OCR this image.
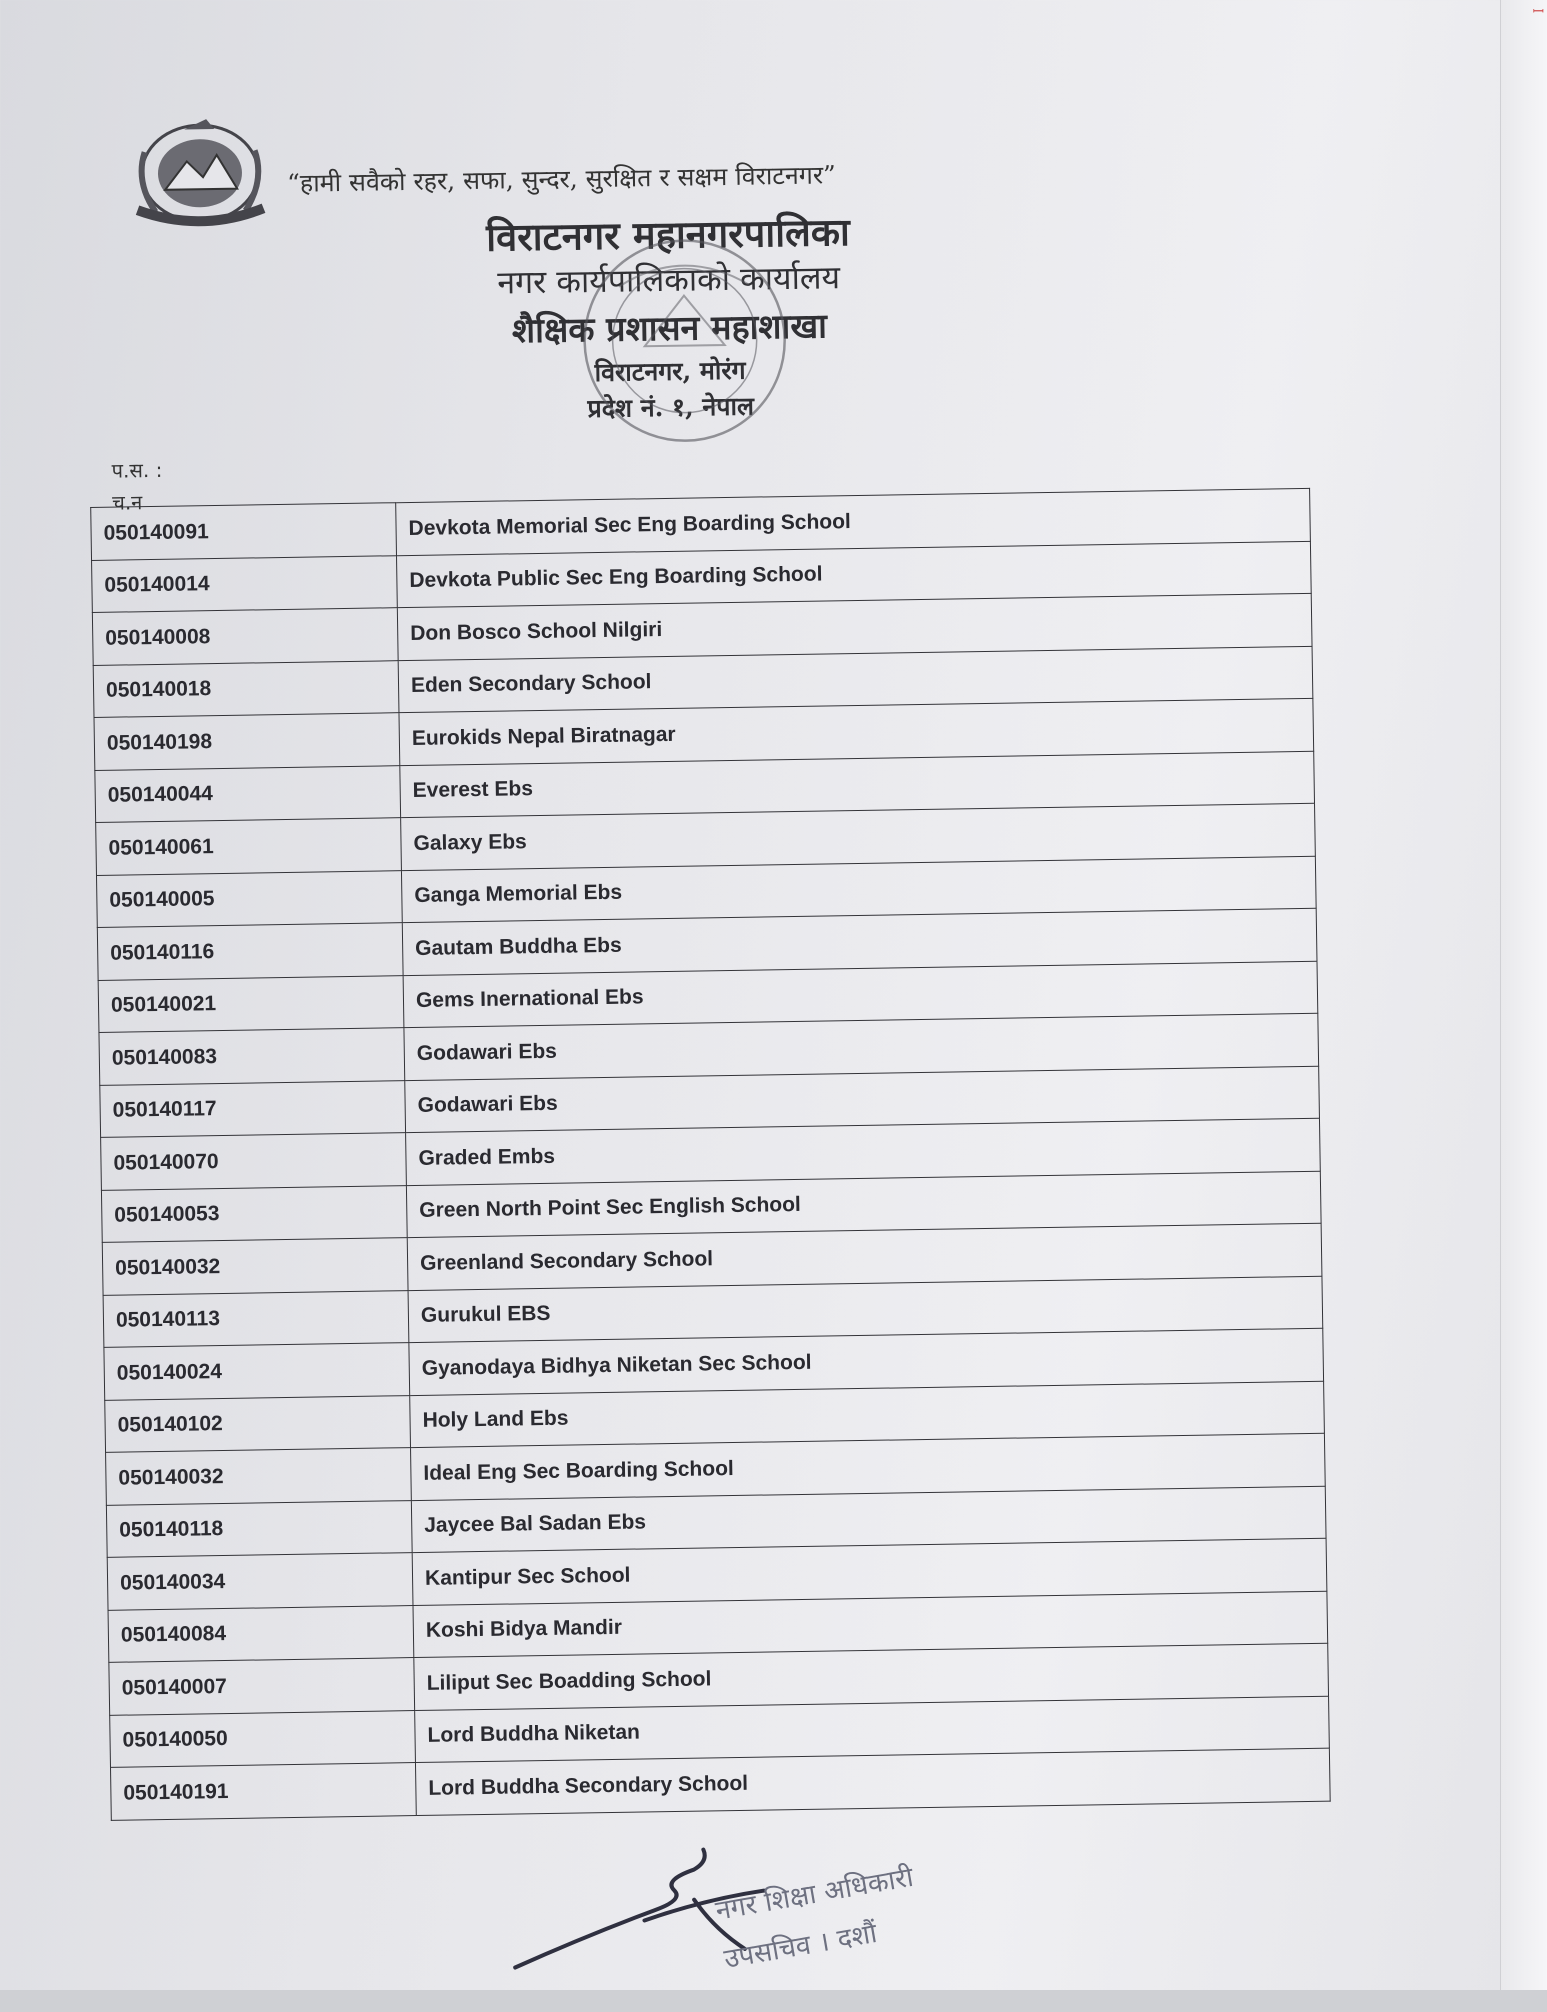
ꟷ
“हामी सवैको रहर, सफा, सुन्दर, सुरक्षित र सक्षम विराटनगर”
विराटनगर महानगरपालिका
नगर कार्यपालिकाको कार्यालय
शैक्षिक प्रशासन महाशाखा
विराटनगर, मोरंग
प्रदेश नं. १, नेपाल
प.स. :
च.न
050140091	Devkota Memorial Sec Eng Boarding School
050140014	Devkota Public Sec Eng Boarding School
050140008	Don Bosco School Nilgiri
050140018	Eden Secondary School
050140198	Eurokids Nepal Biratnagar
050140044	Everest Ebs
050140061	Galaxy Ebs
050140005	Ganga Memorial Ebs
050140116	Gautam Buddha Ebs
050140021	Gems Inernational Ebs
050140083	Godawari Ebs
050140117	Godawari Ebs
050140070	Graded Embs
050140053	Green North Point Sec English School
050140032	Greenland Secondary School
050140113	Gurukul EBS
050140024	Gyanodaya Bidhya Niketan Sec School
050140102	Holy Land Ebs
050140032	Ideal Eng Sec Boarding School
050140118	Jaycee Bal Sadan Ebs
050140034	Kantipur Sec School
050140084	Koshi Bidya Mandir
050140007	Liliput Sec Boadding School
050140050	Lord Buddha Niketan
050140191	Lord Buddha Secondary School
नगर शिक्षा अधिकारी
उपसचिव । दशौं
